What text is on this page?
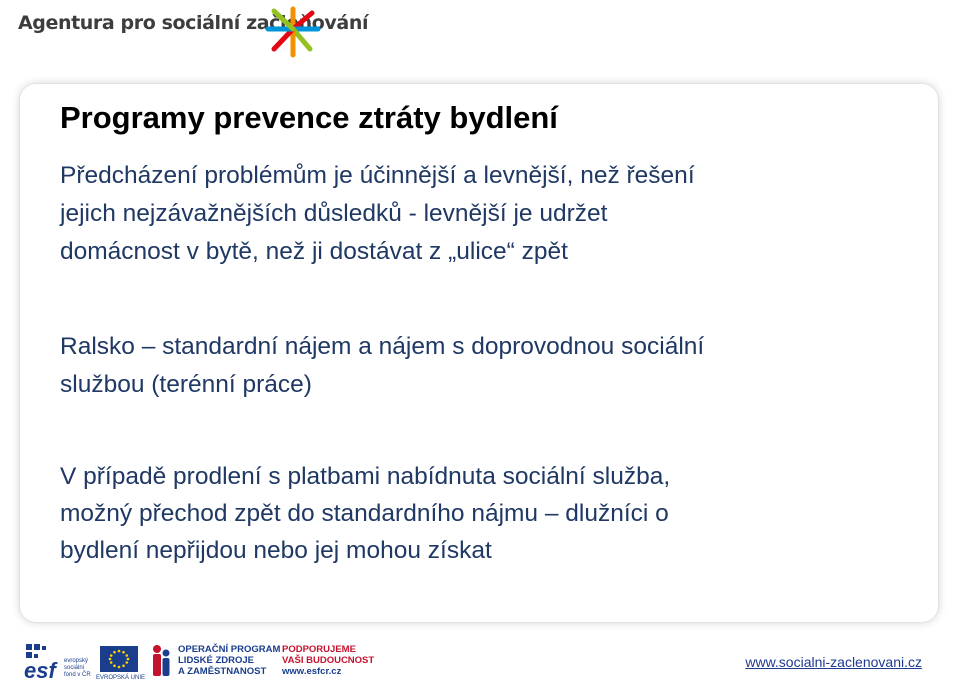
Agentura pro sociální začleňování
Programy prevence ztráty bydlení

Předcházení problémům je účinnější a levnější, než řešení
jejich nejzávažnějších důsledků - levnější je udržet
domácnost v bytě, než ji dostávat z „ulice“ zpět

Ralsko – standardní nájem a nájem s doprovodnou sociální
službou (terénní práce)

V případě prodlení s platbami nabídnuta sociální služba,
možný přechod zpět do standardního nájmu – dlužníci o
bydlení nepřijdou nebo jej mohou získat

esf	evropský
sociální
fond v ČR EVROPSKÁ UNIE
OPERAČNÍ PROGRAM
LIDSKÉ ZDROJE
A ZAMĚSTNANOST
PODPORUJEME
VAŠI BUDOUCNOST
www.esfcr.cz
www.socialni-zaclenovani.cz
